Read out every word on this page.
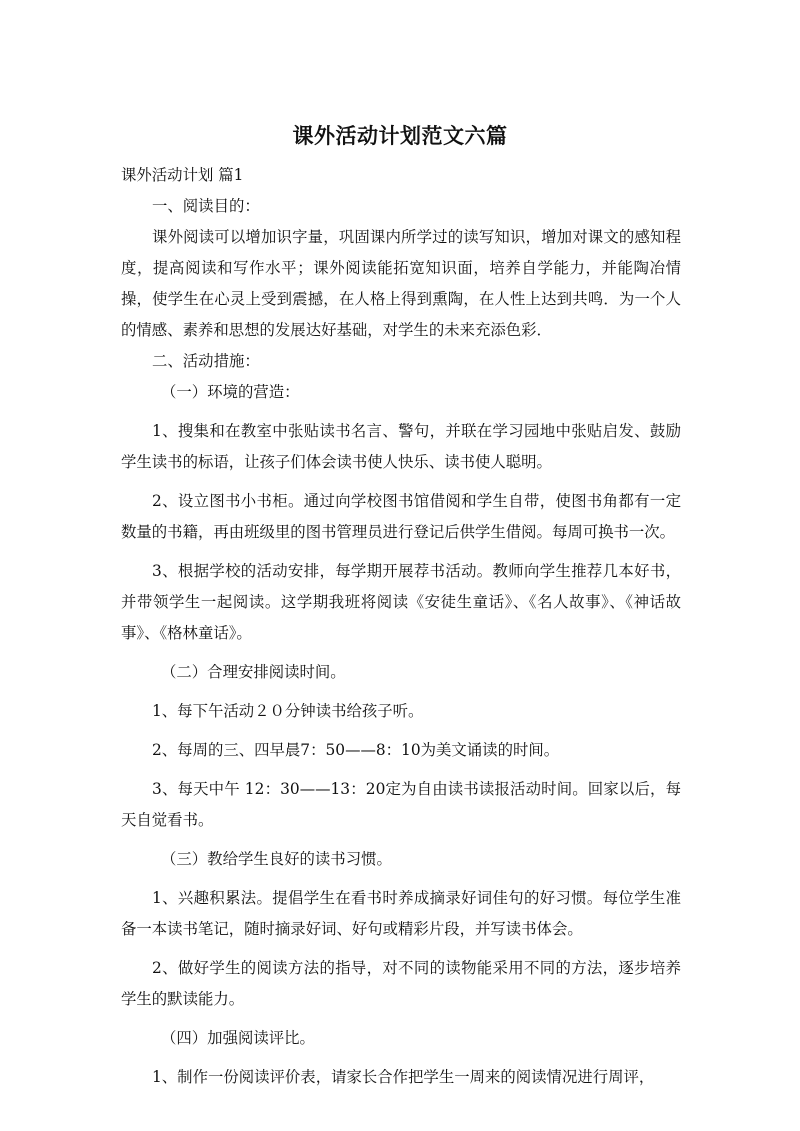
课外活动计划范文六篇

课外活动计划 篇1

一、阅读目的：

课外阅读可以增加识字量，巩固课内所学过的读写知识，增加对课文的感知程度，提高阅读和写作水平；课外阅读能拓宽知识面，培养自学能力，并能陶冶情操，使学生在心灵上受到震撼，在人格上得到熏陶，在人性上达到共鸣．为一个人的情感、素养和思想的发展达好基础，对学生的未来充添色彩．

二、活动措施：

（一）环境的营造：

1、搜集和在教室中张贴读书名言、警句，并联在学习园地中张贴启发、鼓励学生读书的标语，让孩子们体会读书使人快乐、读书使人聪明。

2、设立图书小书柜。通过向学校图书馆借阅和学生自带，使图书角都有一定数量的书籍，再由班级里的图书管理员进行登记后供学生借阅。每周可换书一次。

3、根据学校的活动安排，每学期开展荐书活动。教师向学生推荐几本好书，并带领学生一起阅读。这学期我班将阅读《安徒生童话》、《名人故事》、《神话故事》、《格林童话》。

（二）合理安排阅读时间。

1、每下午活动２０分钟读书给孩子听。

2、每周的三、四早晨7：50——8：10为美文诵读的时间。

3、每天中午 12：30——13：20定为自由读书读报活动时间。回家以后，每天自觉看书。

（三）教给学生良好的读书习惯。

1、兴趣积累法。提倡学生在看书时养成摘录好词佳句的好习惯。每位学生准备一本读书笔记，随时摘录好词、好句或精彩片段，并写读书体会。

2、做好学生的阅读方法的指导，对不同的读物能采用不同的方法，逐步培养学生的默读能力。

（四）加强阅读评比。

1、制作一份阅读评价表，请家长合作把学生一周来的阅读情况进行周评，
